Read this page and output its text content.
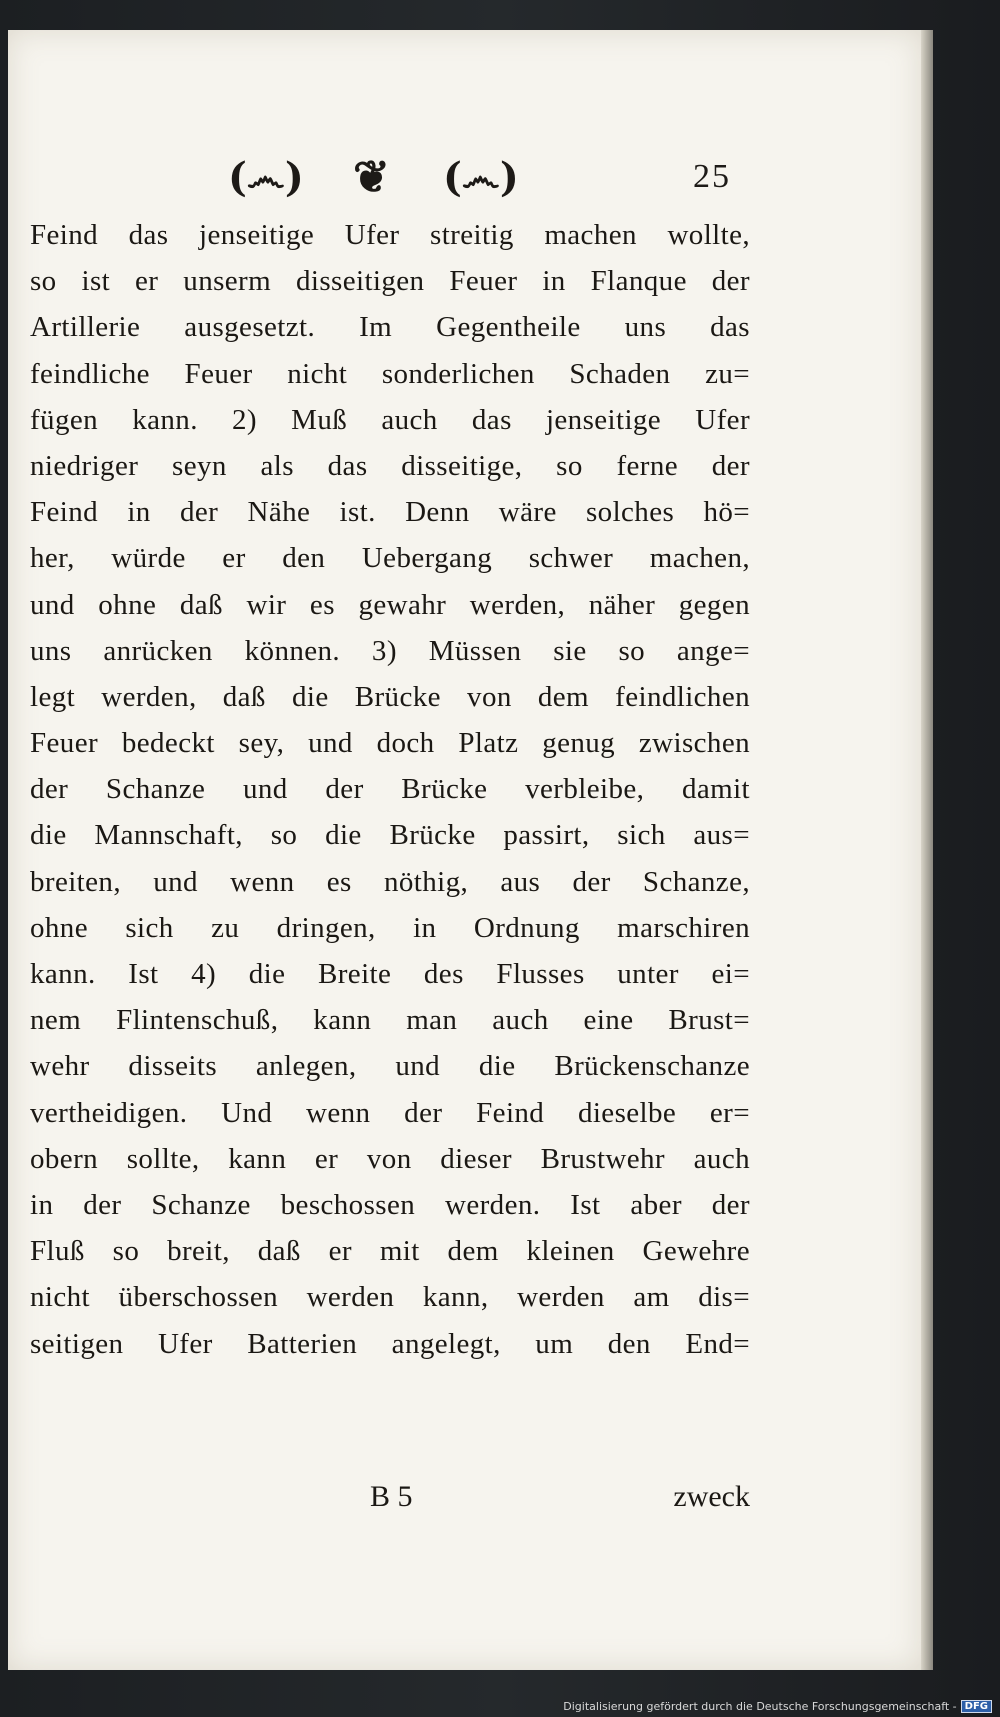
(෴) ❦	(෴)	25
Feind das jenseitige Ufer streitig machen wollte,
so ist er unserm disseitigen Feuer in Flanque der
Artillerie ausgesetzt. Im Gegentheile uns das
feindliche Feuer nicht sonderlichen Schaden zu=
fügen kann. 2) Muß auch das jenseitige Ufer
niedriger seyn als das disseitige, so ferne der
Feind in der Nähe ist. Denn wäre solches hö=
her, würde er den Uebergang schwer machen,
und ohne daß wir es gewahr werden, näher gegen
uns anrücken können. 3) Müssen sie so ange=
legt werden, daß die Brücke von dem feindlichen
Feuer bedeckt sey, und doch Platz genug zwischen
der Schanze und der Brücke verbleibe, damit
die Mannschaft, so die Brücke passirt, sich aus=
breiten, und wenn es nöthig, aus der Schanze,
ohne sich zu dringen, in Ordnung marschiren
kann. Ist 4) die Breite des Flusses unter ei=
nem Flintenschuß, kann man auch eine Brust=
wehr disseits anlegen, und die Brückenschanze
vertheidigen. Und wenn der Feind dieselbe er=
obern sollte, kann er von dieser Brustwehr auch
in der Schanze beschossen werden. Ist aber der
Fluß so breit, daß er mit dem kleinen Gewehre
nicht überschossen werden kann, werden am dis=
seitigen Ufer Batterien angelegt, um den End=
B 5	zweck
Digitalisierung gefördert durch die Deutsche Forschungsgemeinschaft - DFG
